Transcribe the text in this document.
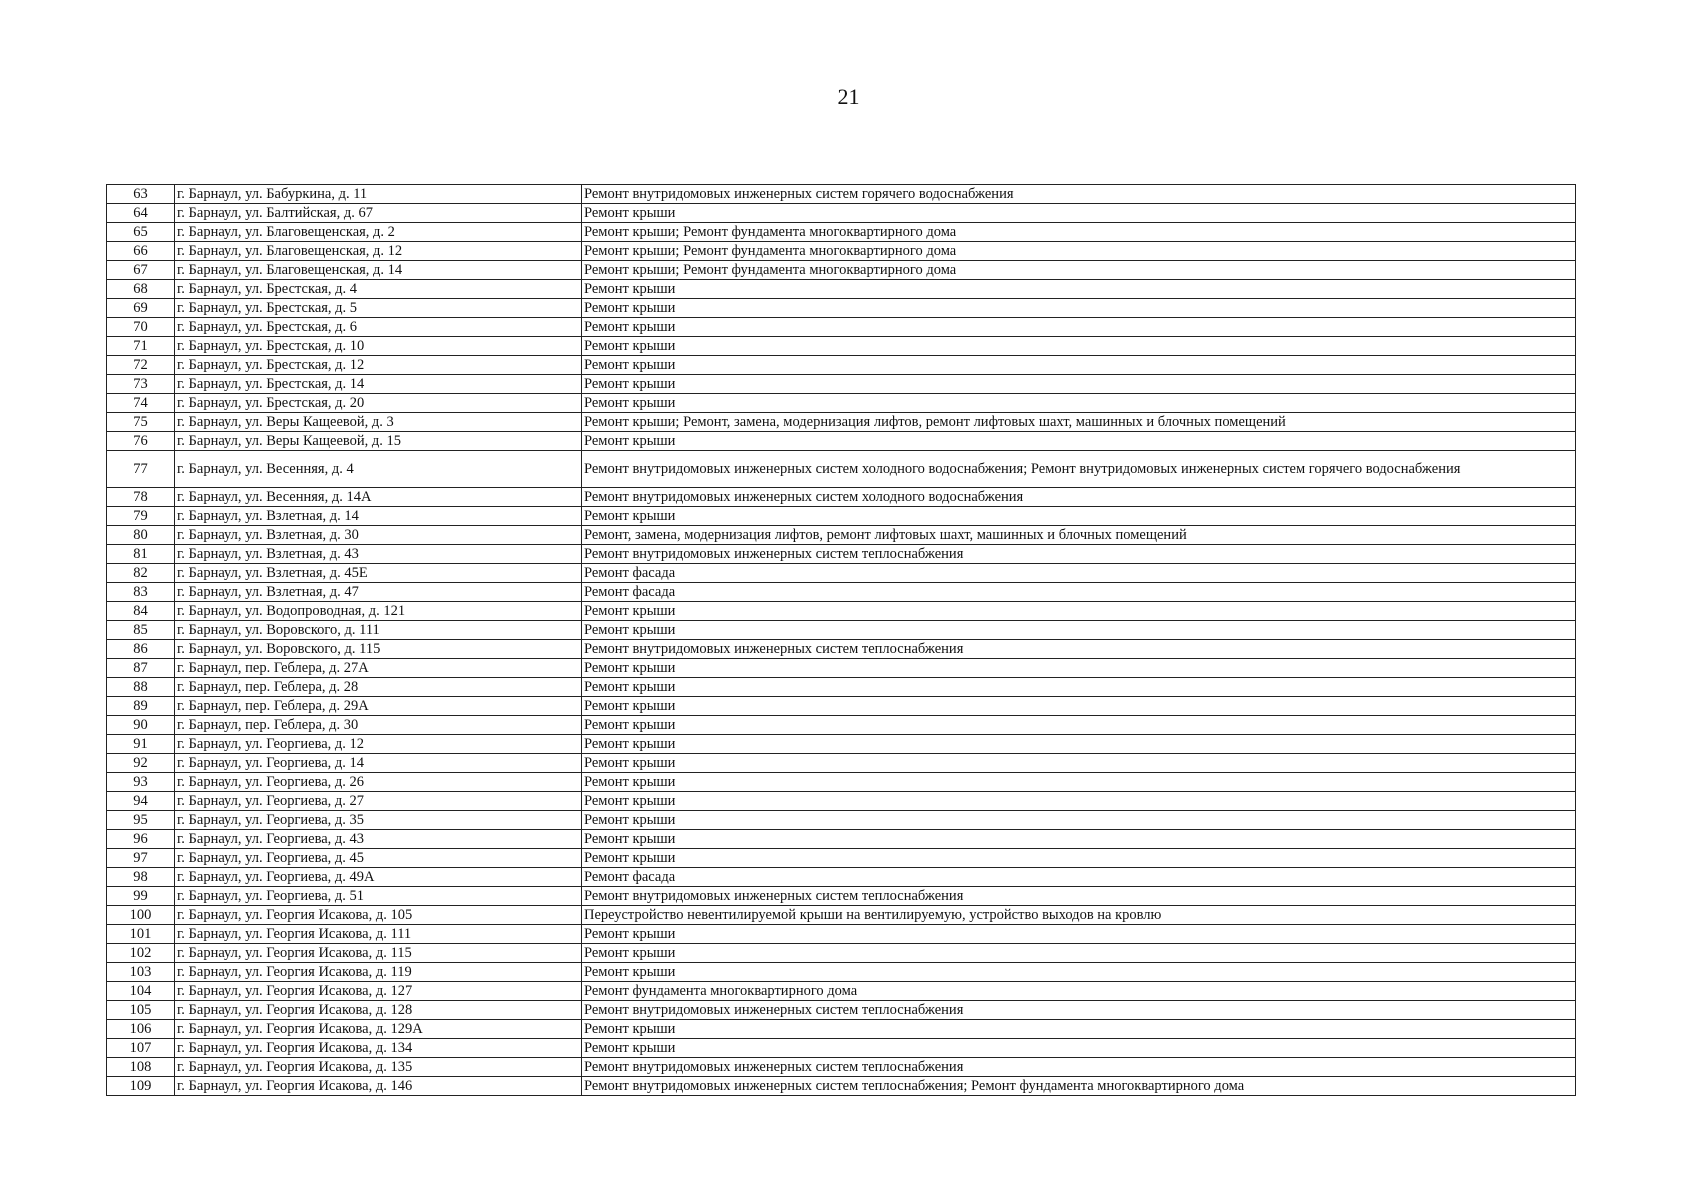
21
63	г. Барнаул, ул. Бабуркина, д. 11	Ремонт внутридомовых инженерных систем горячего водоснабжения
64	г. Барнаул, ул. Балтийская, д. 67	Ремонт крыши
65	г. Барнаул, ул. Благовещенская, д. 2	Ремонт крыши; Ремонт фундамента многоквартирного дома
66	г. Барнаул, ул. Благовещенская, д. 12	Ремонт крыши; Ремонт фундамента многоквартирного дома
67	г. Барнаул, ул. Благовещенская, д. 14	Ремонт крыши; Ремонт фундамента многоквартирного дома
68	г. Барнаул, ул. Брестская, д. 4	Ремонт крыши
69	г. Барнаул, ул. Брестская, д. 5	Ремонт крыши
70	г. Барнаул, ул. Брестская, д. 6	Ремонт крыши
71	г. Барнаул, ул. Брестская, д. 10	Ремонт крыши
72	г. Барнаул, ул. Брестская, д. 12	Ремонт крыши
73	г. Барнаул, ул. Брестская, д. 14	Ремонт крыши
74	г. Барнаул, ул. Брестская, д. 20	Ремонт крыши
75	г. Барнаул, ул. Веры Кащеевой, д. 3	Ремонт крыши; Ремонт, замена, модернизация лифтов, ремонт лифтовых шахт, машинных и блочных помещений
76	г. Барнаул, ул. Веры Кащеевой, д. 15	Ремонт крыши
77	г. Барнаул, ул. Весенняя, д. 4	Ремонт внутридомовых инженерных систем холодного водоснабжения; Ремонт внутридомовых инженерных систем горячего водоснабжения
78	г. Барнаул, ул. Весенняя, д. 14А	Ремонт внутридомовых инженерных систем холодного водоснабжения
79	г. Барнаул, ул. Взлетная, д. 14	Ремонт крыши
80	г. Барнаул, ул. Взлетная, д. 30	Ремонт, замена, модернизация лифтов, ремонт лифтовых шахт, машинных и блочных помещений
81	г. Барнаул, ул. Взлетная, д. 43	Ремонт внутридомовых инженерных систем теплоснабжения
82	г. Барнаул, ул. Взлетная, д. 45Е	Ремонт фасада
83	г. Барнаул, ул. Взлетная, д. 47	Ремонт фасада
84	г. Барнаул, ул. Водопроводная, д. 121	Ремонт крыши
85	г. Барнаул, ул. Воровского, д. 111	Ремонт крыши
86	г. Барнаул, ул. Воровского, д. 115	Ремонт внутридомовых инженерных систем теплоснабжения
87	г. Барнаул, пер. Геблера, д. 27А	Ремонт крыши
88	г. Барнаул, пер. Геблера, д. 28	Ремонт крыши
89	г. Барнаул, пер. Геблера, д. 29А	Ремонт крыши
90	г. Барнаул, пер. Геблера, д. 30	Ремонт крыши
91	г. Барнаул, ул. Георгиева, д. 12	Ремонт крыши
92	г. Барнаул, ул. Георгиева, д. 14	Ремонт крыши
93	г. Барнаул, ул. Георгиева, д. 26	Ремонт крыши
94	г. Барнаул, ул. Георгиева, д. 27	Ремонт крыши
95	г. Барнаул, ул. Георгиева, д. 35	Ремонт крыши
96	г. Барнаул, ул. Георгиева, д. 43	Ремонт крыши
97	г. Барнаул, ул. Георгиева, д. 45	Ремонт крыши
98	г. Барнаул, ул. Георгиева, д. 49А	Ремонт фасада
99	г. Барнаул, ул. Георгиева, д. 51	Ремонт внутридомовых инженерных систем теплоснабжения
100	г. Барнаул, ул. Георгия Исакова, д. 105	Переустройство невентилируемой крыши на вентилируемую, устройство выходов на кровлю
101	г. Барнаул, ул. Георгия Исакова, д. 111	Ремонт крыши
102	г. Барнаул, ул. Георгия Исакова, д. 115	Ремонт крыши
103	г. Барнаул, ул. Георгия Исакова, д. 119	Ремонт крыши
104	г. Барнаул, ул. Георгия Исакова, д. 127	Ремонт фундамента многоквартирного дома
105	г. Барнаул, ул. Георгия Исакова, д. 128	Ремонт внутридомовых инженерных систем теплоснабжения
106	г. Барнаул, ул. Георгия Исакова, д. 129А	Ремонт крыши
107	г. Барнаул, ул. Георгия Исакова, д. 134	Ремонт крыши
108	г. Барнаул, ул. Георгия Исакова, д. 135	Ремонт внутридомовых инженерных систем теплоснабжения
109	г. Барнаул, ул. Георгия Исакова, д. 146	Ремонт внутридомовых инженерных систем теплоснабжения; Ремонт фундамента многоквартирного дома
